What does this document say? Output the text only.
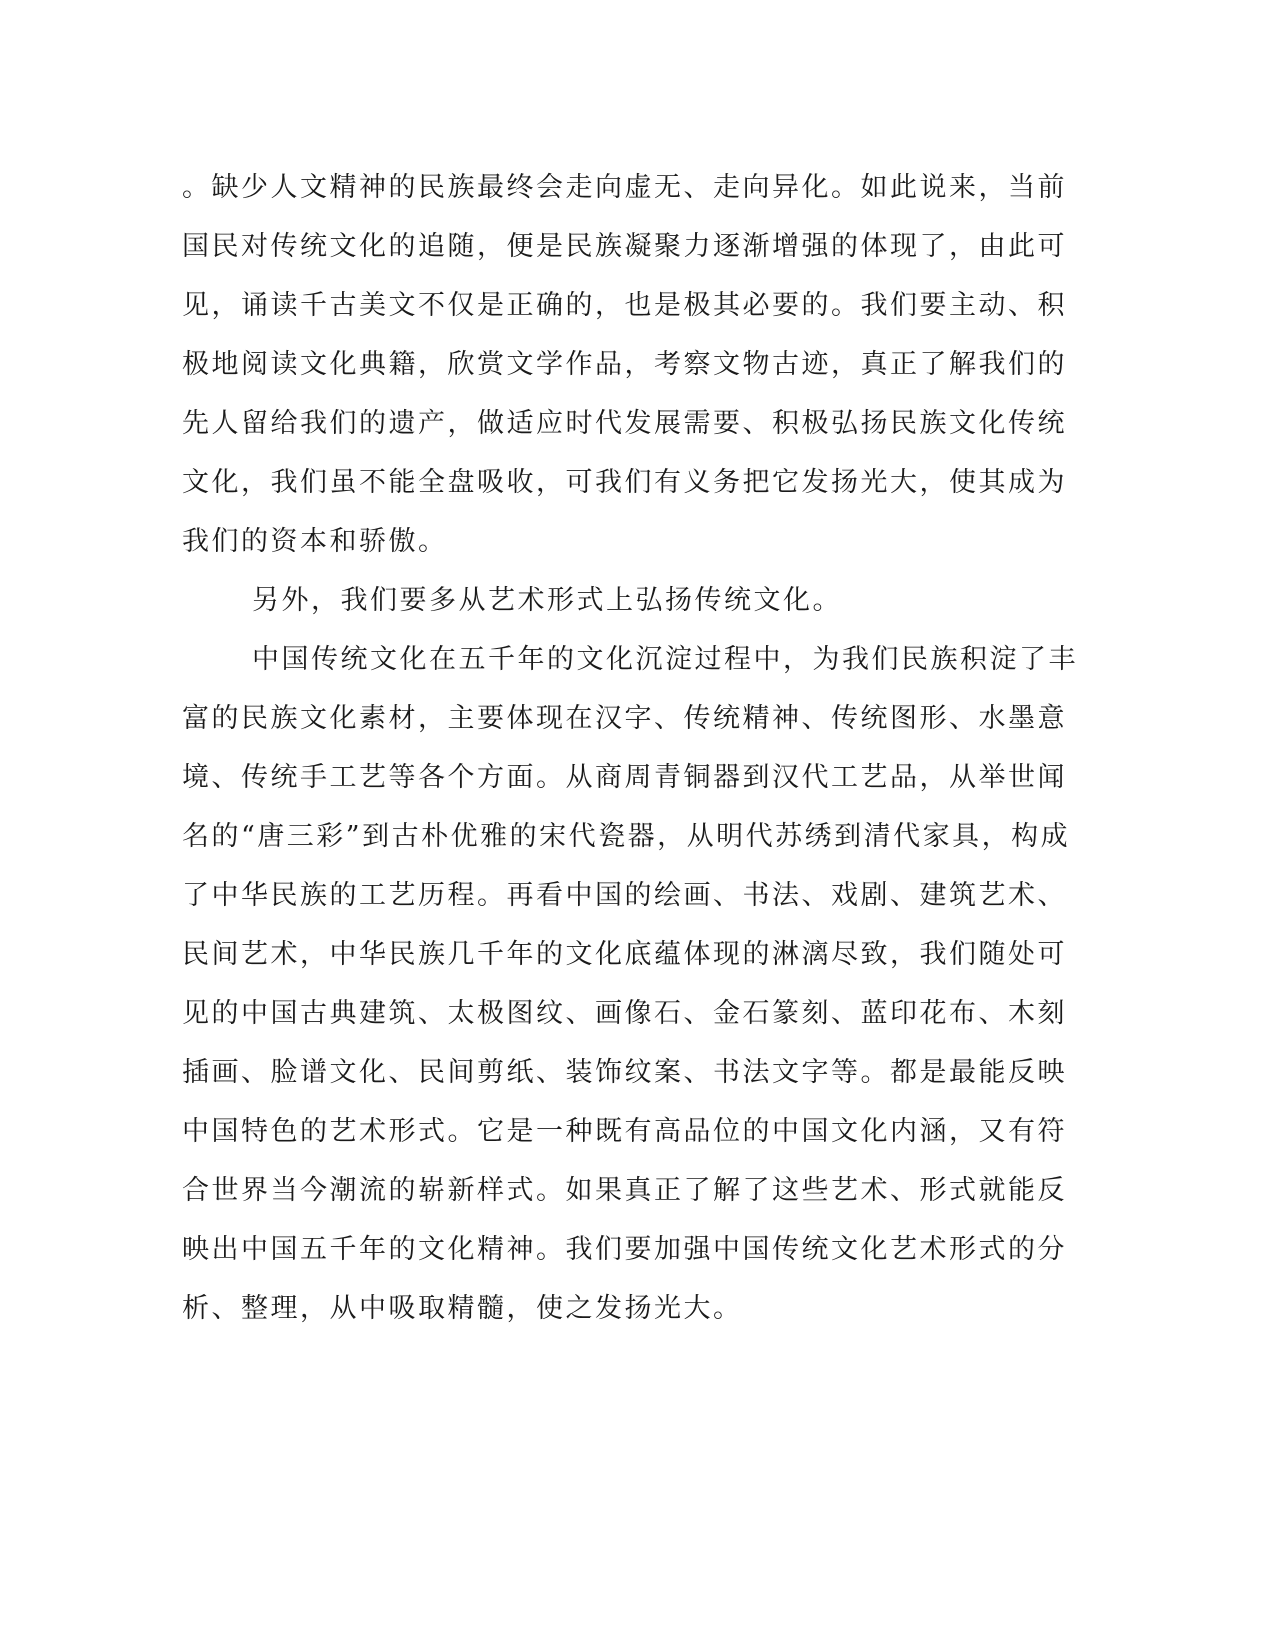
。缺少人文精神的民族最终会走向虚无、走向异化。如此说来，当前
国民对传统文化的追随，便是民族凝聚力逐渐增强的体现了，由此可
见，诵读千古美文不仅是正确的，也是极其必要的。我们要主动、积
极地阅读文化典籍，欣赏文学作品，考察文物古迹，真正了解我们的
先人留给我们的遗产，做适应时代发展需要、积极弘扬民族文化传统
文化，我们虽不能全盘吸收，可我们有义务把它发扬光大，使其成为
我们的资本和骄傲。
另外，我们要多从艺术形式上弘扬传统文化。
中国传统文化在五千年的文化沉淀过程中，为我们民族积淀了丰
富的民族文化素材，主要体现在汉字、传统精神、传统图形、水墨意
境、传统手工艺等各个方面。从商周青铜器到汉代工艺品，从举世闻
名的“唐三彩”到古朴优雅的宋代瓷器，从明代苏绣到清代家具，构成
了中华民族的工艺历程。再看中国的绘画、书法、戏剧、建筑艺术、
民间艺术，中华民族几千年的文化底蕴体现的淋漓尽致，我们随处可
见的中国古典建筑、太极图纹、画像石、金石篆刻、蓝印花布、木刻
插画、脸谱文化、民间剪纸、装饰纹案、书法文字等。都是最能反映
中国特色的艺术形式。它是一种既有高品位的中国文化内涵，又有符
合世界当今潮流的崭新样式。如果真正了解了这些艺术、形式就能反
映出中国五千年的文化精神。我们要加强中国传统文化艺术形式的分
析、整理，从中吸取精髓，使之发扬光大。
